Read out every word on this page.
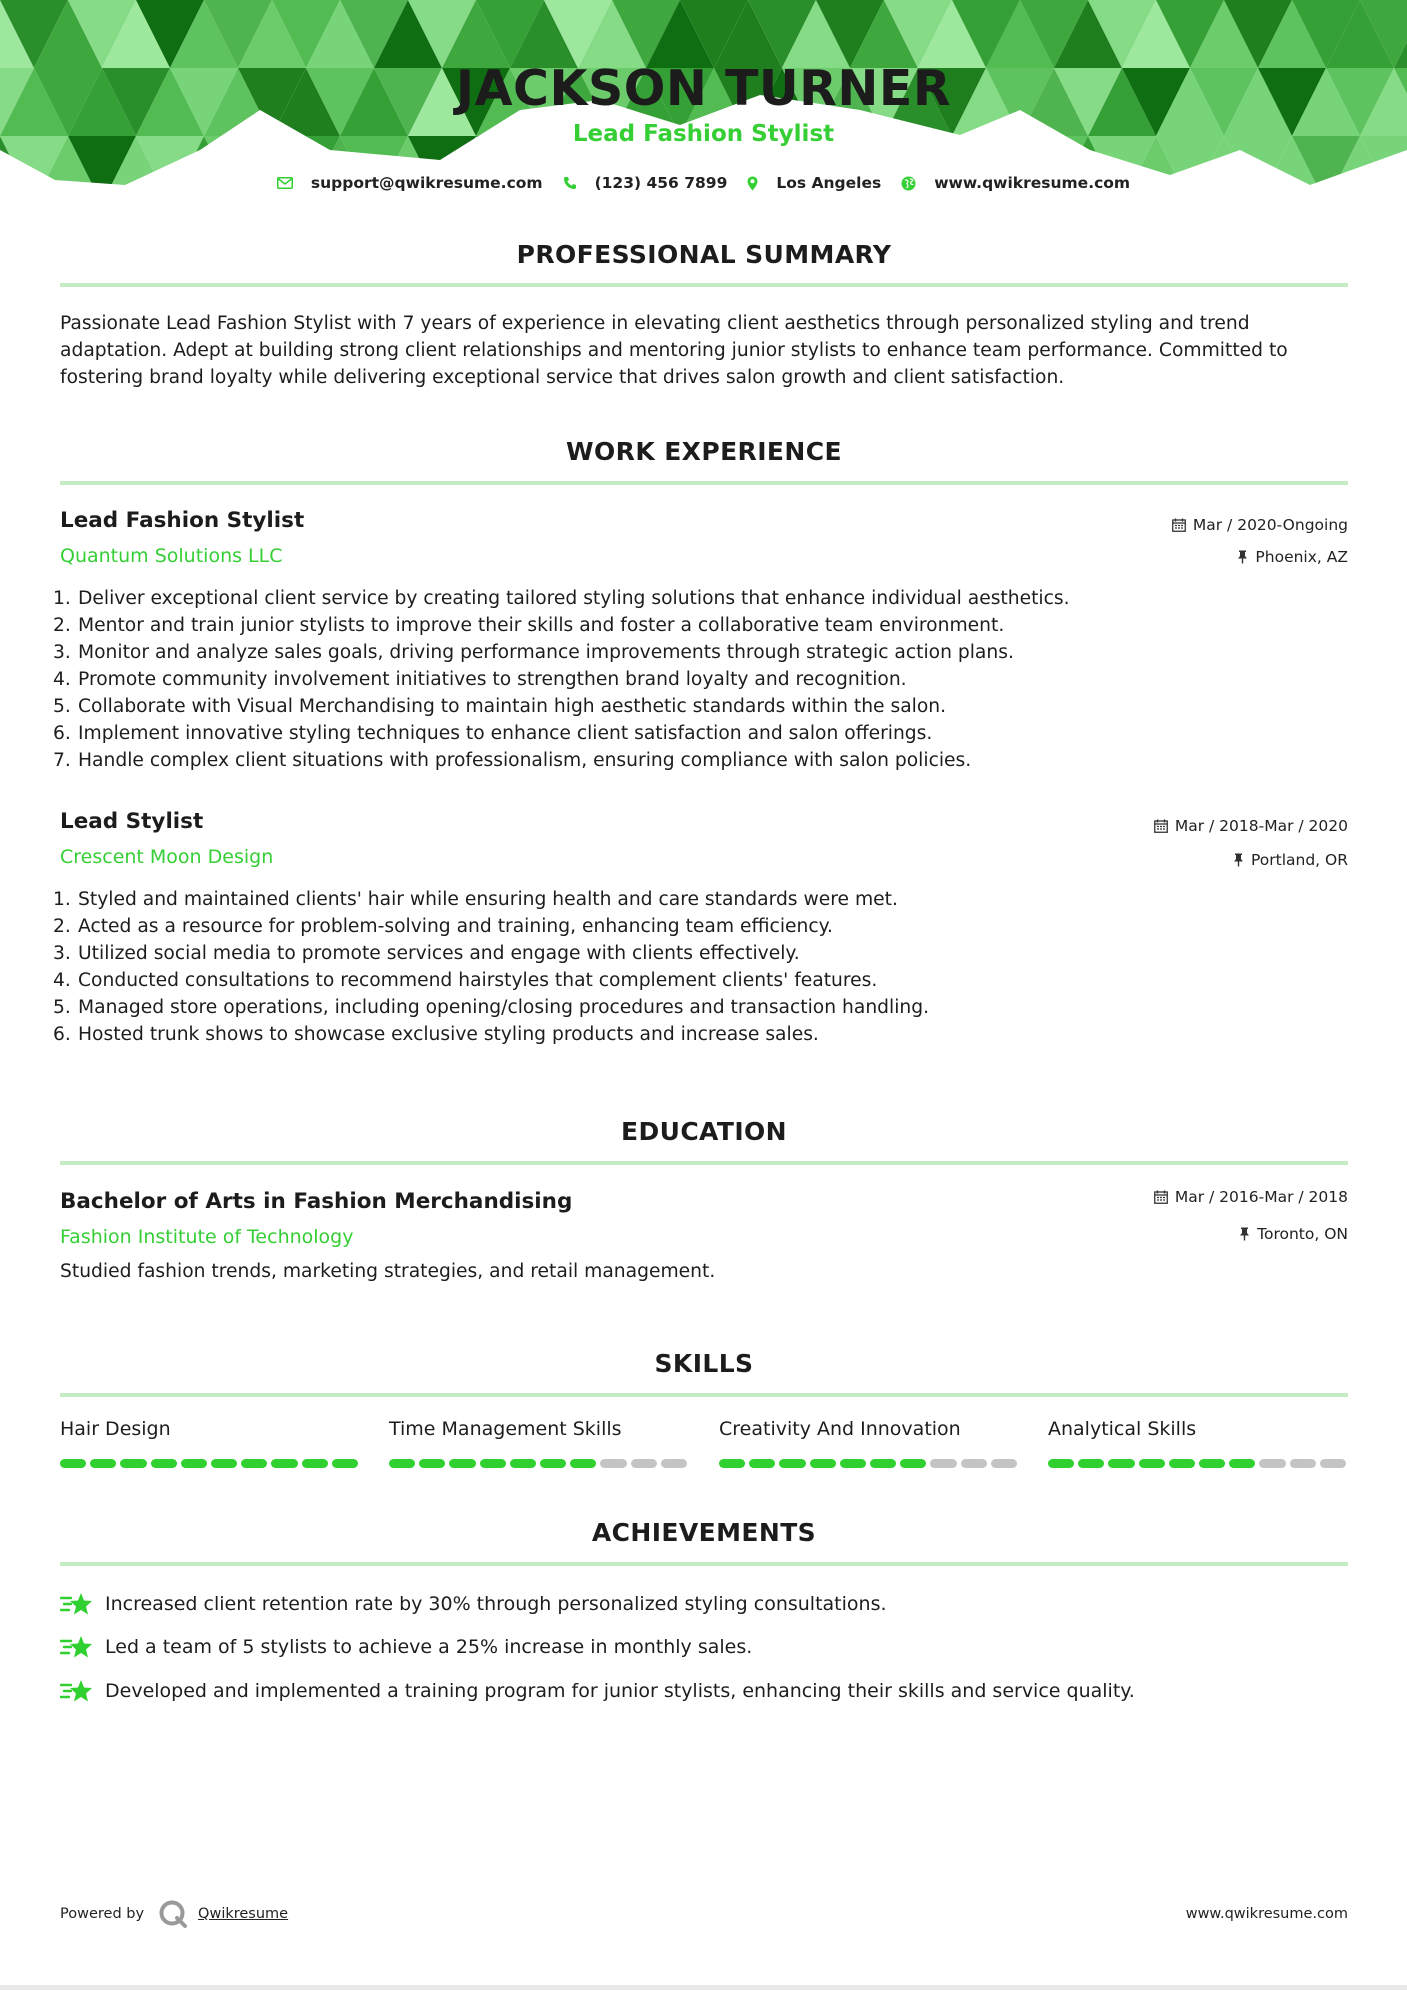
JACKSON TURNER
Lead Fashion Stylist
support@qwikresume.com	(123) 456 7899	Los Angeles	www.qwikresume.com
PROFESSIONAL SUMMARY

Passionate Lead Fashion Stylist with 7 years of experience in elevating client aesthetics through personalized styling and trend adaptation. Adept at building strong client relationships and mentoring junior stylists to enhance team performance. Committed to fostering brand loyalty while delivering exceptional service that drives salon growth and client satisfaction.

WORK EXPERIENCE
Lead Fashion Stylist
Quantum Solutions LLC
Mar / 2020-Ongoing
Phoenix, AZ
1. Deliver exceptional client service by creating tailored styling solutions that enhance individual aesthetics.
2. Mentor and train junior stylists to improve their skills and foster a collaborative team environment.
3. Monitor and analyze sales goals, driving performance improvements through strategic action plans.
4. Promote community involvement initiatives to strengthen brand loyalty and recognition.
5. Collaborate with Visual Merchandising to maintain high aesthetic standards within the salon.
6. Implement innovative styling techniques to enhance client satisfaction and salon offerings.
7. Handle complex client situations with professionalism, ensuring compliance with salon policies.
Lead Stylist
Crescent Moon Design
Mar / 2018-Mar / 2020
Portland, OR
1. Styled and maintained clients' hair while ensuring health and care standards were met.
2. Acted as a resource for problem-solving and training, enhancing team efficiency.
3. Utilized social media to promote services and engage with clients effectively.
4. Conducted consultations to recommend hairstyles that complement clients' features.
5. Managed store operations, including opening/closing procedures and transaction handling.
6. Hosted trunk shows to showcase exclusive styling products and increase sales.
EDUCATION
Bachelor of Arts in Fashion Merchandising
Fashion Institute of Technology
Mar / 2016-Mar / 2018
Toronto, ON
Studied fashion trends, marketing strategies, and retail management.
SKILLS
Hair Design	Time Management Skills	Creativity And Innovation	Analytical Skills
ACHIEVEMENTS
Increased client retention rate by 30% through personalized styling consultations.
Led a team of 5 stylists to achieve a 25% increase in monthly sales.
Developed and implemented a training program for junior stylists, enhancing their skills and service quality.
Powered by	Qwikresume	www.qwikresume.com
